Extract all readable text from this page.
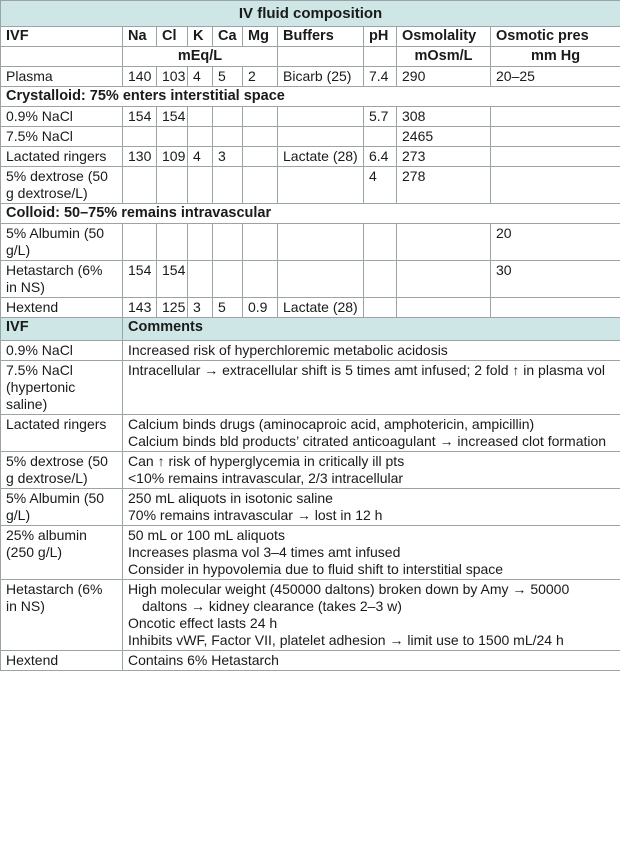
IV fluid composition									
IVF	Na	Cl	K	Ca	Mg	Buffers	pH	Osmolality	Osmotic pres
	mEq/L							mOsm/L	mm Hg
Plasma	140	103	4	5	2	Bicarb (25)	7.4	290	20–25
Crystalloid: 75% enters interstitial space									
0.9% NaCl	154	154					5.7	308	
7.5% NaCl								2465	
Lactated ringers	130	109	4	3		Lactate (28)	6.4	273	
5% dextrose (50 g dextrose/L)							4	278	
Colloid: 50–75% remains intravascular									
5% Albumin (50 g/L)									20
Hetastarch (6% in NS)	154	154							30
Hextend	143	125	3	5	0.9	Lactate (28)			
IVF	Comments								
0.9% NaCl	Increased risk of hyperchloremic metabolic acidosis								

7.5% NaCl (hypertonic saline)	Intracellular → extracellular shift is 5 times amt infused; 2 fold ↑ in plasma vol								

Lactated ringers	Calcium binds drugs (aminocaproic acid, amphotericin, ampicillin)
Calcium binds bld products’ citrated anticoagulant → increased clot formation								

5% dextrose (50 g dextrose/L)	Can ↑ risk of hyperglycemia in critically ill pts
<10% remains intravascular, 2/3 intracellular								

5% Albumin (50 g/L)	250 mL aliquots in isotonic saline
70% remains intravascular → lost in 12 h								

25% albumin (250 g/L)	50 mL or 100 mL aliquots
Increases plasma vol 3–4 times amt infused
Consider in hypovolemia due to fluid shift to interstitial space								

Hetastarch (6% in NS)	High molecular weight (450000 daltons) broken down by Amy → 50000 daltons → kidney clearance (takes 2–3 w)
Oncotic effect lasts 24 h
Inhibits vWF, Factor VII, platelet adhesion → limit use to 1500 mL/24 h								

Hextend	Contains 6% Hetastarch								
